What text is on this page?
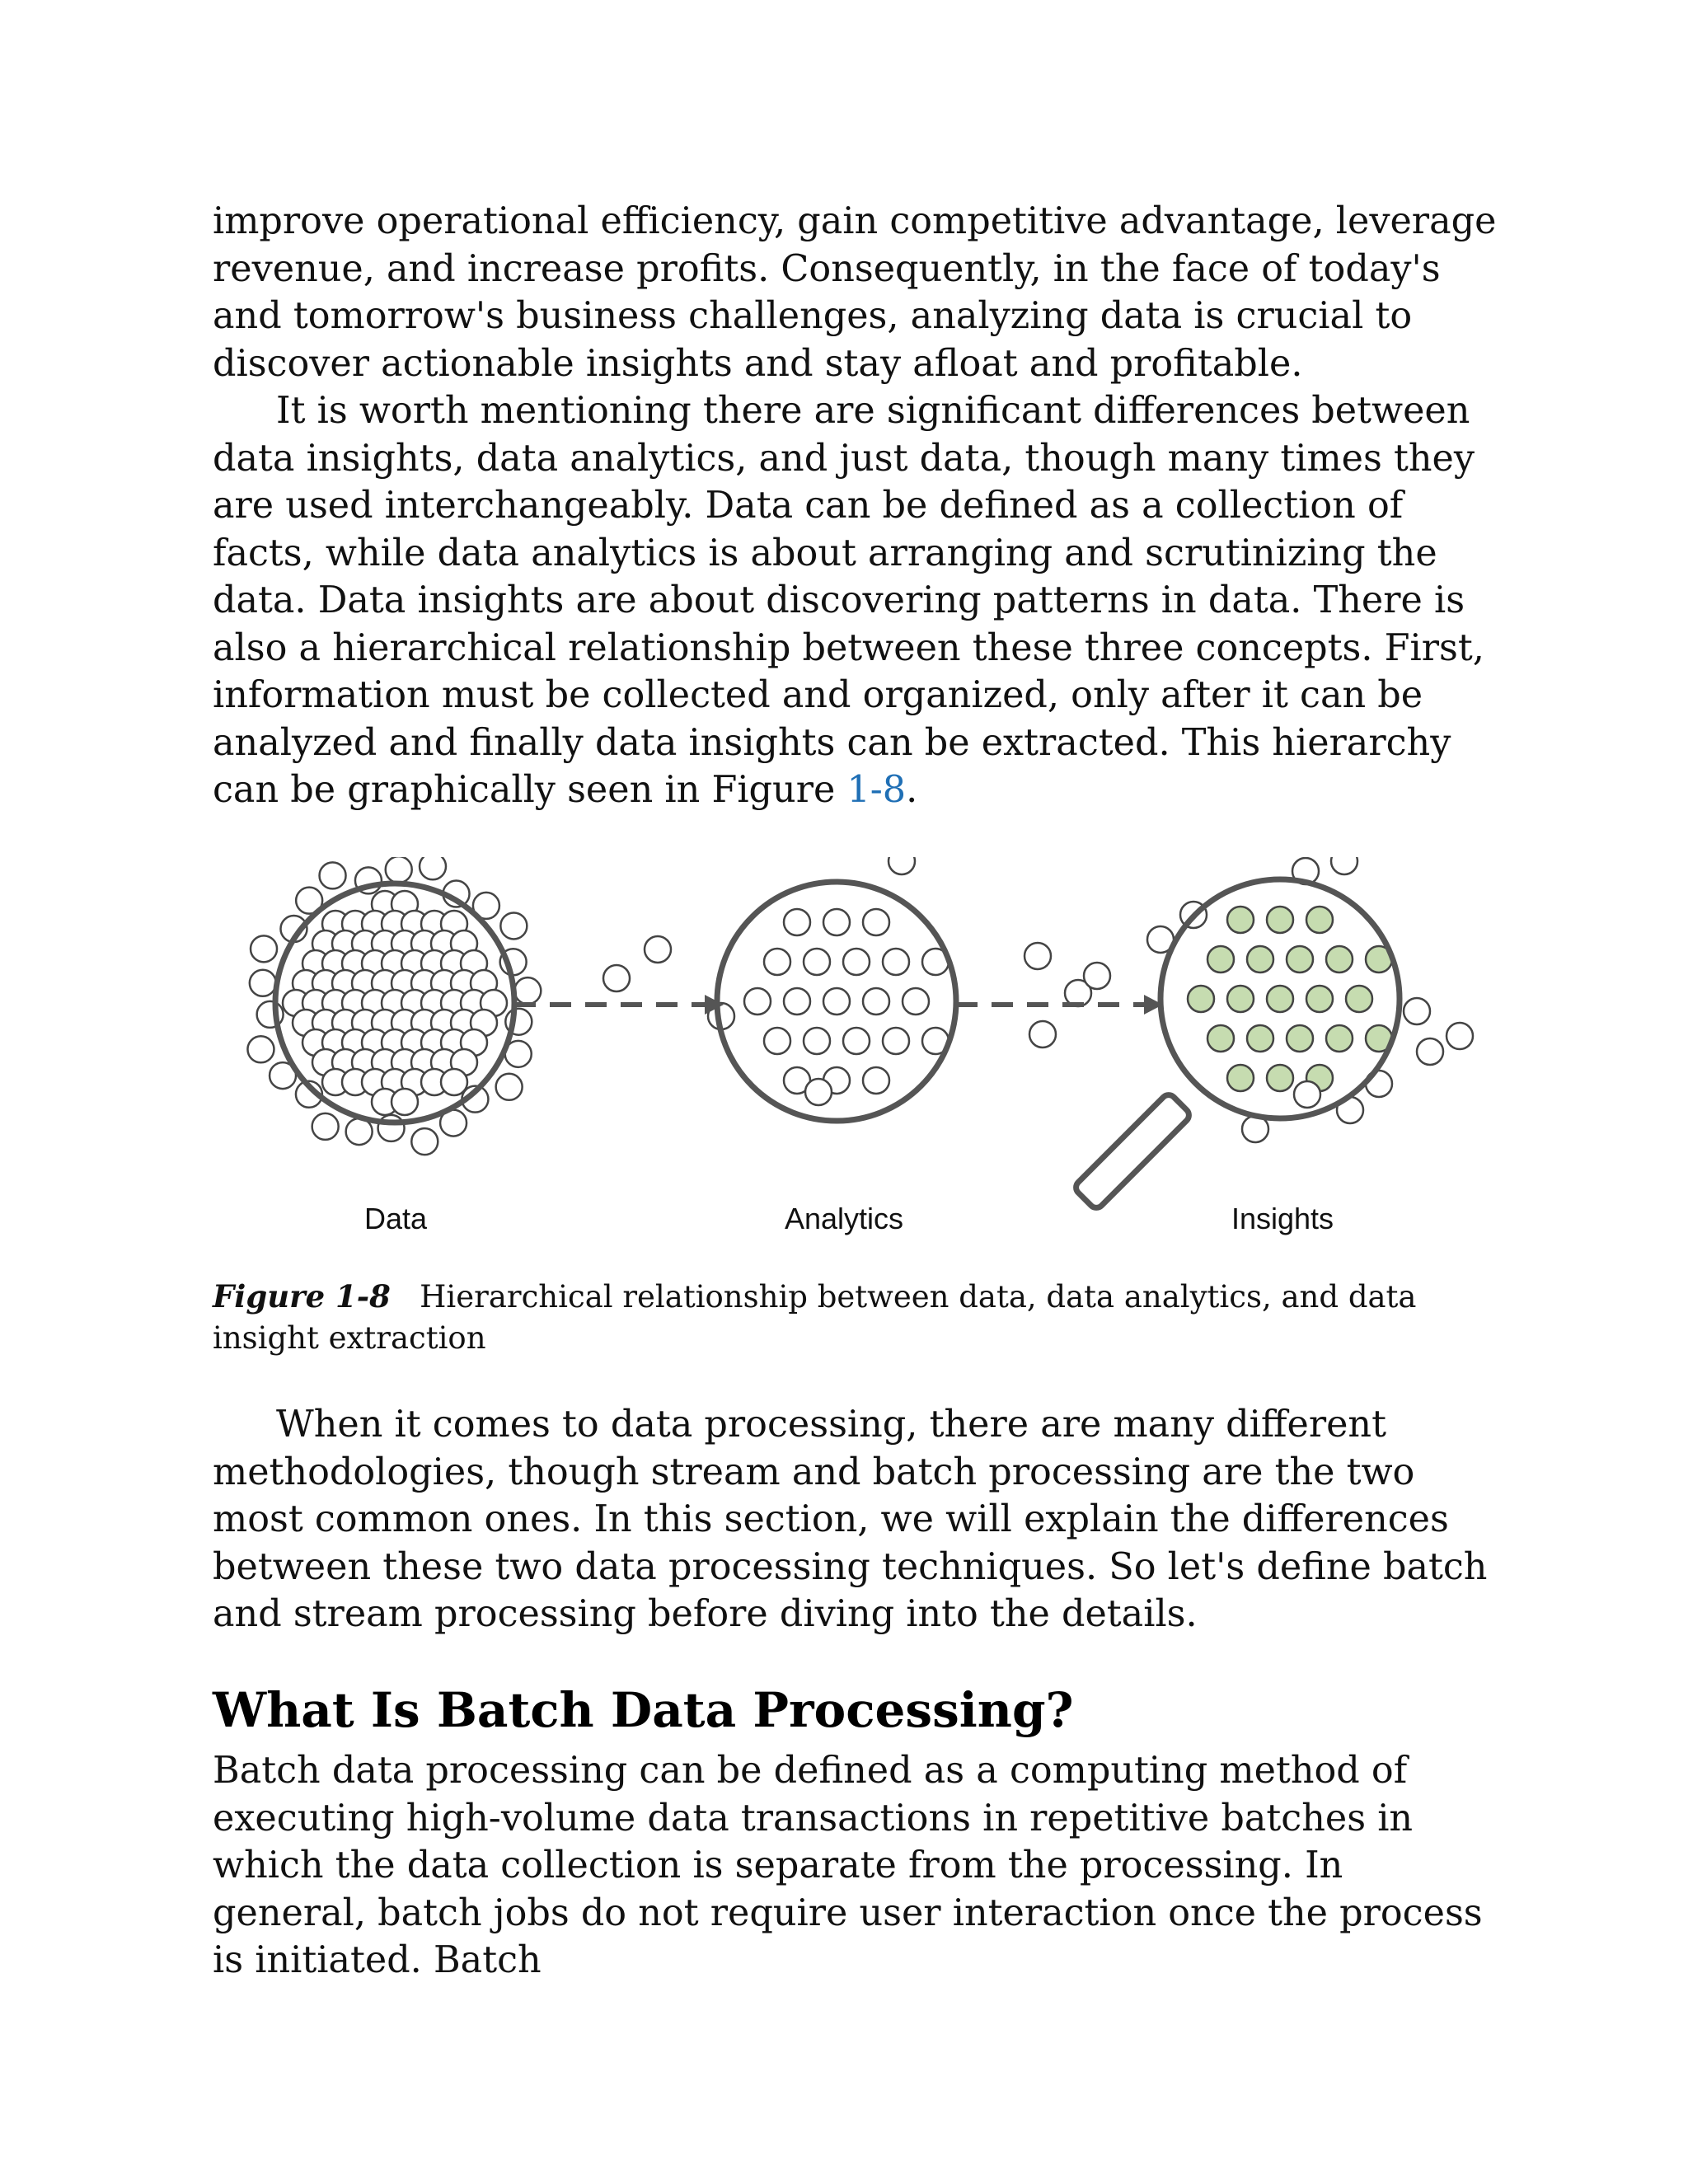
improve operational efficiency, gain competitive advantage, leverage revenue, and increase profits. Consequently, in the face of today's and tomorrow's business challenges, analyzing data is crucial to discover actionable insights and stay afloat and profitable.

It is worth mentioning there are significant differences between data insights, data analytics, and just data, though many times they are used interchangeably. Data can be defined as a collection of facts, while data analytics is about arranging and scrutinizing the data. Data insights are about discovering patterns in data. There is also a hierarchical relationship between these three concepts. First, information must be collected and organized, only after it can be analyzed and finally data insights can be extracted. This hierarchy can be graphically seen in Figure 1-8.

Data	Analytics	Insights
Figure 1-8 Hierarchical relationship between data, data analytics, and data insight extraction

When it comes to data processing, there are many different methodologies, though stream and batch processing are the two most common ones. In this section, we will explain the differences between these two data processing techniques. So let's define batch and stream processing before diving into the details.

What Is Batch Data Processing?

Batch data processing can be defined as a computing method of executing high-volume data transactions in repetitive batches in which the data collection is separate from the processing. In general, batch jobs do not require user interaction once the process is initiated. Batch
